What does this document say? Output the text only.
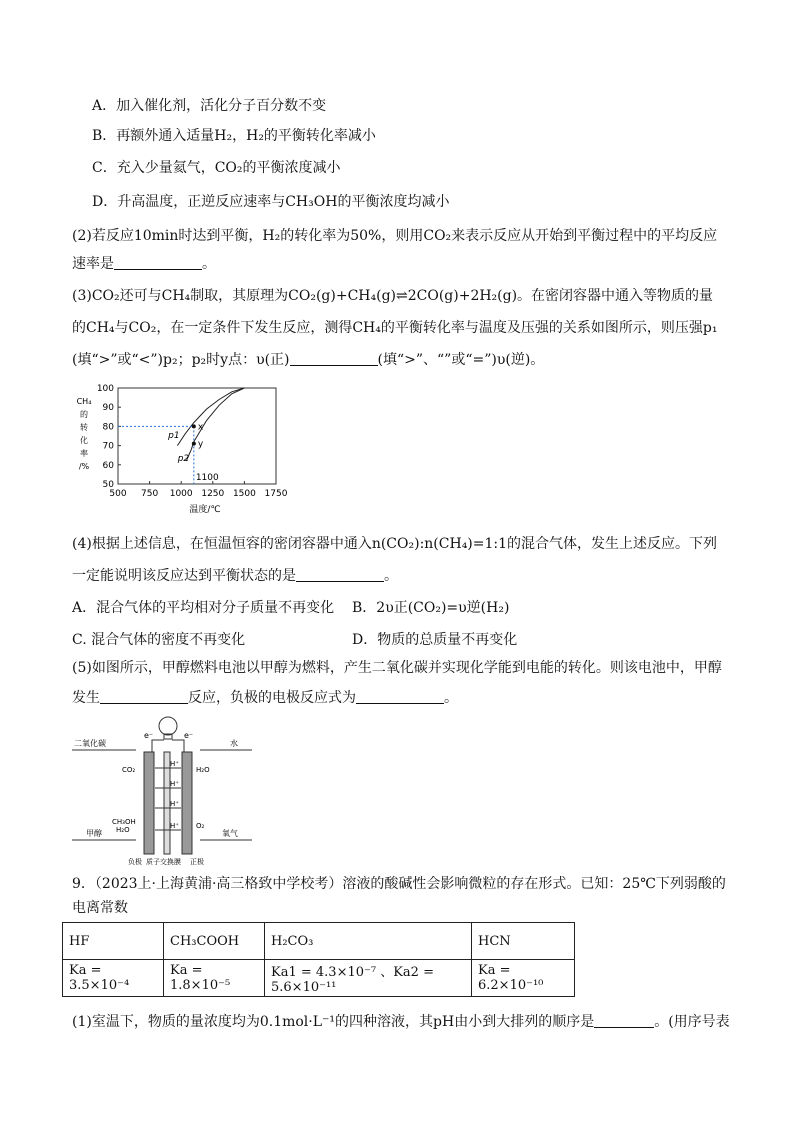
A．加入催化剂，活化分子百分数不变
B．再额外通入适量H₂，H₂的平衡转化率减小
C．充入少量氦气，CO₂的平衡浓度减小
D．升高温度，正逆反应速率与CH₃OH的平衡浓度均减小
(2)若反应10min时达到平衡，H₂的转化率为50%，则用CO₂来表示反应从开始到平衡过程中的平均反应
速率是	。
(3)CO₂还可与CH₄制取，其原理为CO₂(g)+CH₄(g)⇌2CO(g)+2H₂(g)。在密闭容器中通入等物质的量
的CH₄与CO₂，在一定条件下发生反应，测得CH₄的平衡转化率与温度及压强的关系如图所示，则压强p₁
(填“>”或“<”)p₂；p₂时y点：υ(正)	(填“>”、“”或“=”)υ(逆)。
500 750 1000 1250 1500 1750
50
60
70
80
90
100
CH₄
的
转
化
率
/%
温度/℃
x
y
p1
p2
1100
(4)根据上述信息，在恒温恒容的密闭容器中通入n(CO₂):n(CH₄)=1:1的混合气体，发生上述反应。下列
一定能说明该反应达到平衡状态的是	。
A．混合气体的平均相对分子质量不再变化 B．2υ正(CO₂)=υ逆(H₂)
C. 混合气体的密度不再变化	D．物质的总质量不再变化
(5)如图所示，甲醇燃料电池以甲醇为燃料，产生二氧化碳并实现化学能到电能的转化。则该电池中，甲醇
发生	反应，负极的电极反应式为	。
e⁻	e⁻
H⁺
H⁺
H⁺
H⁺
二氧化碳	水
CO₂	H₂O
CH₃OH
H₂O	O₂
甲醇	氧气
负极 质子交换膜 正极
9．（2023上·上海黄浦·高三格致中学校考）溶液的酸碱性会影响微粒的存在形式。已知：25℃下列弱酸的
电离常数
HF	CH₃COOH	H₂CO₃	HCN
Ka = 3.5×10⁻⁴	Ka = 1.8×10⁻⁵	Ka1 = 4.3×10⁻⁷ 、Ka2 = 5.6×10⁻¹¹	Ka = 6.2×10⁻¹⁰
(1)室温下，物质的量浓度均为0.1mol·L⁻¹的四种溶液，其pH由小到大排列的顺序是	。(用序号表
